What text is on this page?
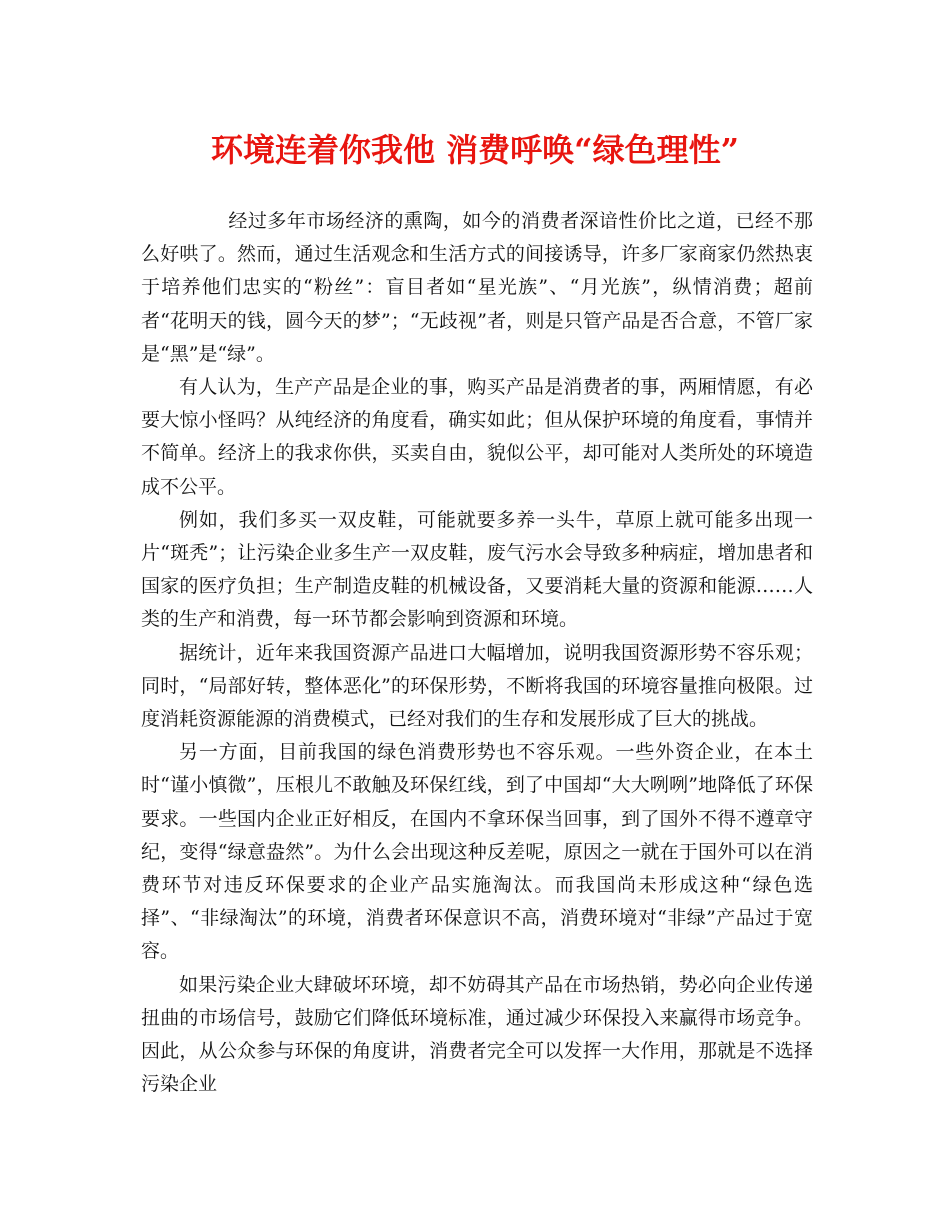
环境连着你我他 消费呼唤“绿色理性”

经过多年市场经济的熏陶，如今的消费者深谙性价比之道，已经不那么好哄了。然而，通过生活观念和生活方式的间接诱导，许多厂家商家仍然热衷于培养他们忠实的“粉丝”：盲目者如“星光族”、“月光族”，纵情消费；超前者“花明天的钱，圆今天的梦”；“无歧视”者，则是只管产品是否合意，不管厂家是“黑”是“绿”。

有人认为，生产产品是企业的事，购买产品是消费者的事，两厢情愿，有必要大惊小怪吗？从纯经济的角度看，确实如此；但从保护环境的角度看，事情并不简单。经济上的我求你供，买卖自由，貌似公平，却可能对人类所处的环境造成不公平。

例如，我们多买一双皮鞋，可能就要多养一头牛，草原上就可能多出现一片“斑秃”；让污染企业多生产一双皮鞋，废气污水会导致多种病症，增加患者和国家的医疗负担；生产制造皮鞋的机械设备，又要消耗大量的资源和能源……人类的生产和消费，每一环节都会影响到资源和环境。

据统计，近年来我国资源产品进口大幅增加，说明我国资源形势不容乐观；同时，“局部好转，整体恶化”的环保形势，不断将我国的环境容量推向极限。过度消耗资源能源的消费模式，已经对我们的生存和发展形成了巨大的挑战。

另一方面，目前我国的绿色消费形势也不容乐观。一些外资企业，在本土时“谨小慎微”，压根儿不敢触及环保红线，到了中国却“大大咧咧”地降低了环保要求。一些国内企业正好相反，在国内不拿环保当回事，到了国外不得不遵章守纪，变得“绿意盎然”。为什么会出现这种反差呢，原因之一就在于国外可以在消费环节对违反环保要求的企业产品实施淘汰。而我国尚未形成这种“绿色选择”、“非绿淘汰”的环境，消费者环保意识不高，消费环境对“非绿”产品过于宽容。

如果污染企业大肆破坏环境，却不妨碍其产品在市场热销，势必向企业传递扭曲的市场信号，鼓励它们降低环境标准，通过减少环保投入来赢得市场竞争。因此，从公众参与环保的角度讲，消费者完全可以发挥一大作用，那就是不选择污染企业
